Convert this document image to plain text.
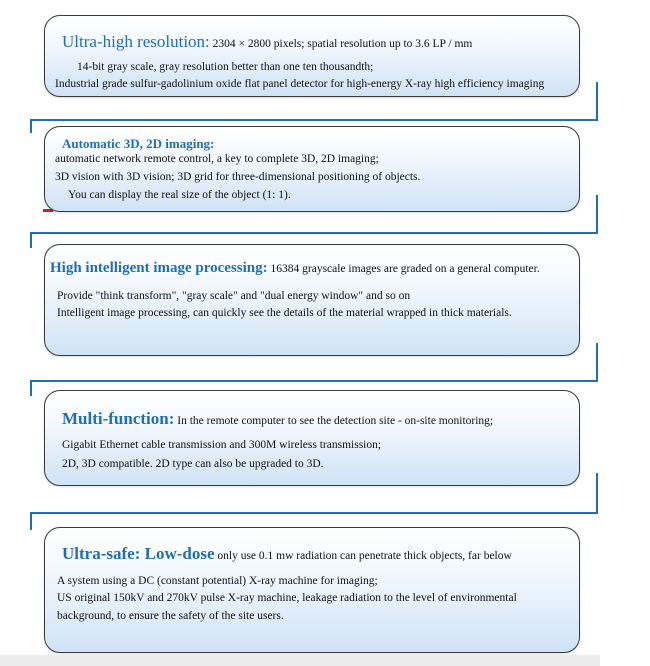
Ultra-high resolution: 2304 × 2800 pixels; spatial resolution up to 3.6 LP / mm
14-bit gray scale, gray resolution better than one ten thousandth;
Industrial grade sulfur-gadolinium oxide flat panel detector for high-energy X-ray high efficiency imaging
Automatic 3D, 2D imaging:
automatic network remote control, a key to complete 3D, 2D imaging;
3D vision with 3D vision; 3D grid for three-dimensional positioning of objects.
You can display the real size of the object (1: 1).
High intelligent image processing: 16384 grayscale images are graded on a general computer.
Provide "think transform", "gray scale" and "dual energy window" and so on
Intelligent image processing, can quickly see the details of the material wrapped in thick materials.
Multi-function: In the remote computer to see the detection site - on-site monitoring;
Gigabit Ethernet cable transmission and 300M wireless transmission;
2D, 3D compatible. 2D type can also be upgraded to 3D.
Ultra-safe: Low-dose only use 0.1 mw radiation can penetrate thick objects, far below
A system using a DC (constant potential) X-ray machine for imaging;
US original 150kV and 270kV pulse X-ray machine, leakage radiation to the level of environmental
background, to ensure the safety of the site users.
